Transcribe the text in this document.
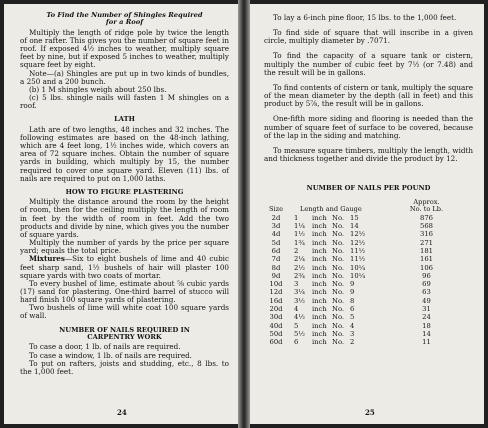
To Find the Number of Shingles Required

for a Roof

Multiply the length of ridge pole by twice the length of one rafter. This gives you the number of square feet in roof. If exposed 4½ inches to weather, multiply square feet by nine, but if exposed 5 inches to weather, multiply square feet by eight.

Note—(a) Shingles are put up in two kinds of bundles, a 250 and a 200 bunch.

(b) 1 M shingles weigh about 250 lbs.

(c) 5 lbs. shingle nails will fasten 1 M shingles on a roof.

LATH

Lath are of two lengths, 48 inches and 32 inches. The following estimates are based on the 48-inch lathing, which are 4 feet long, 1½ inches wide, which covers an area of 72 square inches. Obtain the number of square yards in building, which multiply by 15, the number required to cover one square yard. Eleven (11) lbs. of nails are required to put on 1,000 laths.

HOW TO FIGURE PLASTERING

Multiply the distance around the room by the height of room, then for the ceiling multiply the length of room in feet by the width of room in feet. Add the two products and divide by nine, which gives you the number of square yards.

Multiply the number of yards by the price per square yard; equals the total price.

Mixtures—Six to eight bushels of lime and 40 cubic feet sharp sand, 1½ bushels of hair will plaster 100 square yards with two coats of mortar.

To every bushel of lime, estimate about ⅝ cubic yards (17) sand for plastering. One-third barrel of stucco will hard finish 100 square yards of plastering.

Two bushels of lime will white coat 100 square yards of wall.

NUMBER OF NAILS REQUIRED IN

CARPENTRY WORK

To case a door, 1 lb. of nails are required.

To case a window, 1 lb. of nails are required.

To put on rafters, joists and studding, etc., 8 lbs. to the 1,000 feet.

24

To lay a 6-inch pine floor, 15 lbs. to the 1,000 feet.

To find side of square that will inscribe in a given circle, multiply diameter by .7071.

To find the capacity of a square tank or cistern, multiply the number of cubic feet by 7½ (or 7.48) and the result will be in gallons.

To find contents of cistern or tank, multiply the square of the mean diameter by the depth (all in feet) and this product by 5⅞, the result will be in gallons.

One-fifth more siding and flooring is needed than the number of square feet of surface to be covered, because of the lap in the siding and matching.

To measure square timbers, multiply the length, width and thickness together and divide the product by 12.

NUMBER OF NAILS PER POUND

Size	Length and Gauge				Approx.
No. to Lb.
2d	1	inch	No.	15	876
3d	1¼	inch	No.	14	568
4d	1½	inch	No.	12½	316
5d	1¾	inch	No.	12½	271
6d	2	inch	No.	11½	181
7d	2¼	inch	No.	11½	161
8d	2½	inch	No.	10¼	106
9d	2¾	inch	No.	10¼	96
10d	3	inch	No.	9	69
12d	3¼	inch	No.	9	63
16d	3½	inch	No.	8	49
20d	4	inch	No.	6	31
30d	4½	inch	No.	5	24
40d	5	inch	No.	4	18
50d	5½	inch	No.	3	14
60d	6	inch	No.	2	11
25
